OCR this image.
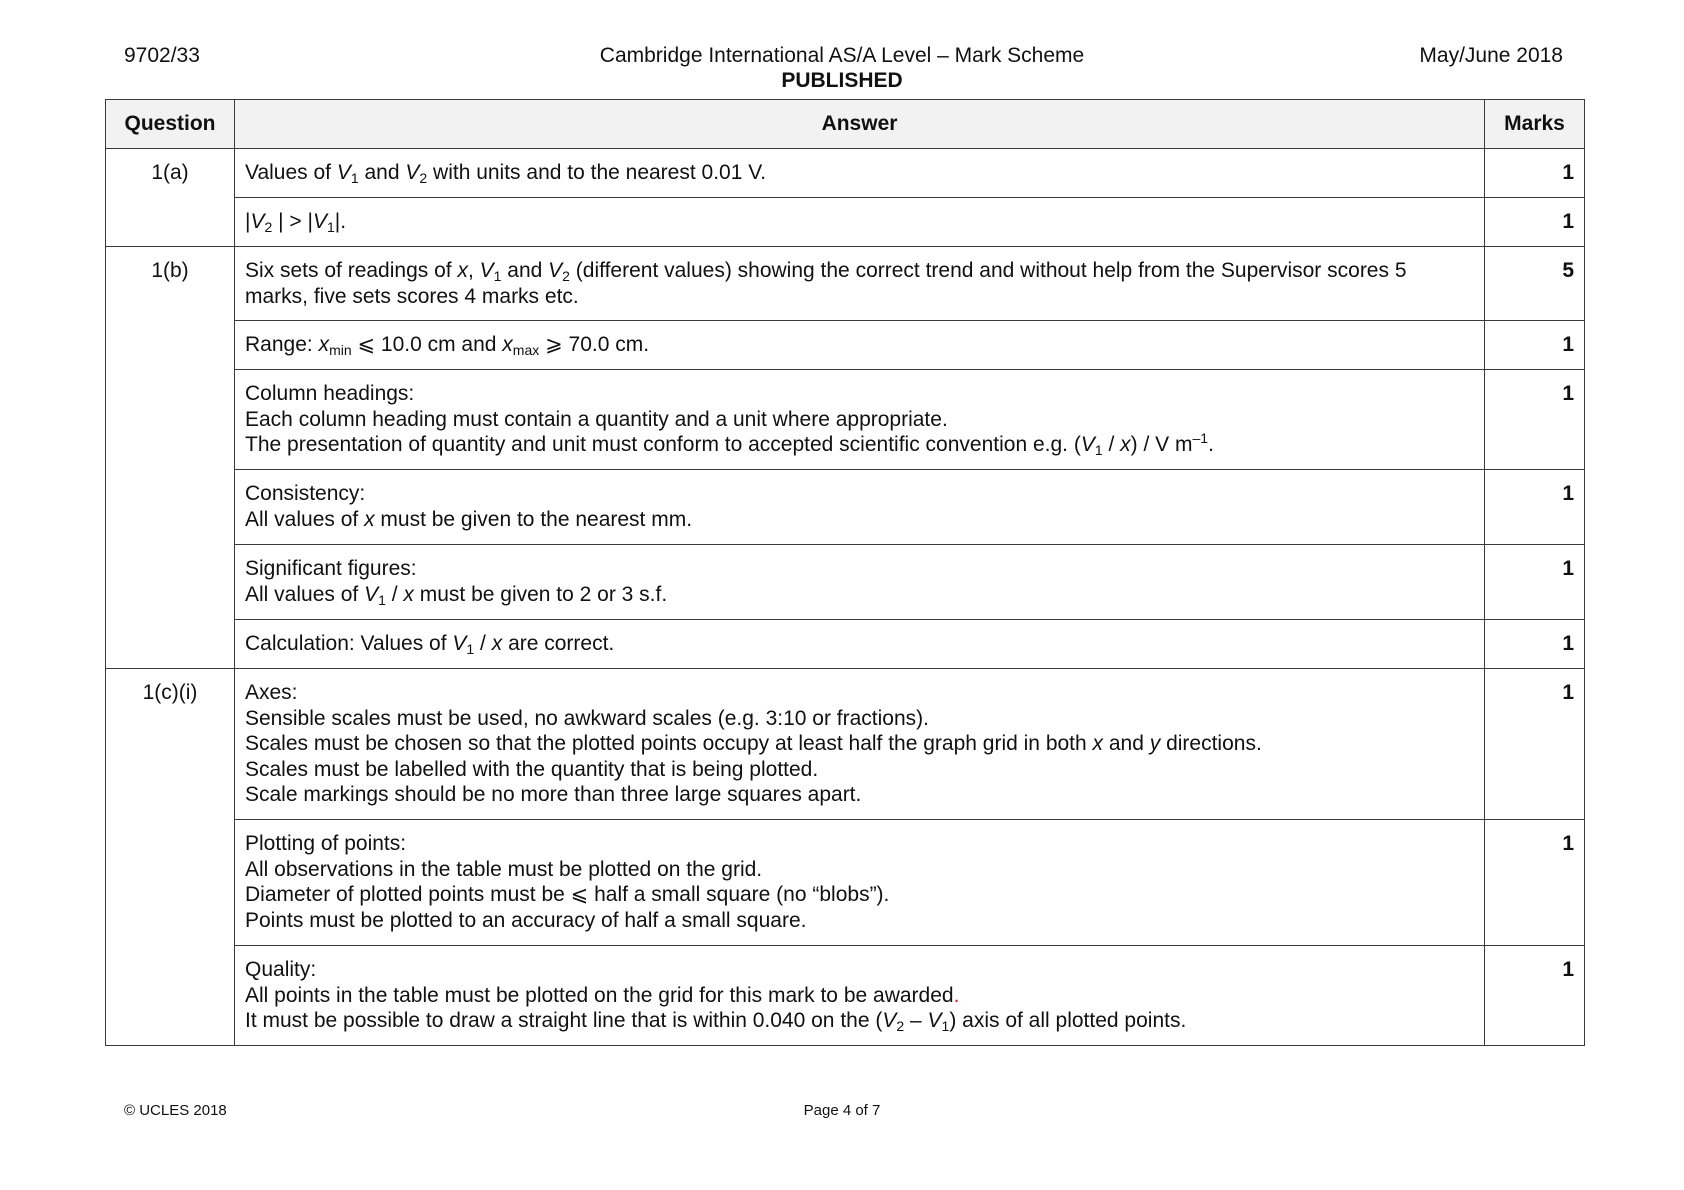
9702/33	Cambridge International AS/A Level – Mark Scheme	May/June 2018
PUBLISHED
Question	Answer	Marks
1(a)	Values of $V_1$ and $V_2$ with units and to the nearest 0.01 V.	1
	$|V_2$ | > $|V_1|$.	1
1(b)	Six sets of readings of x, $V_1$ and $V_2$ (different values) showing the correct trend and without help from the Supervisor scores 5 marks, five sets scores 4 marks etc.	5
	Range: $x_{min}$ ⩽ 10.0 cm and $x_{max}$ ⩾ 70.0 cm.	1

	Column headings:
Each column heading must contain a quantity and a unit where appropriate.
The presentation of quantity and unit must conform to accepted scientific convention e.g. $(V_1 / x)$ / V $m^{-1}$.	1

	Consistency:
All values of x must be given to the nearest mm.	1

	Significant figures:
All values of $V_1$ / x must be given to 2 or 3 s.f.	1
	Calculation: Values of $V_1$ / x are correct.	1
1(c)(i)	Axes:
Sensible scales must be used, no awkward scales (e.g. 3:10 or fractions).
Scales must be chosen so that the plotted points occupy at least half the graph grid in both x and y directions.
Scales must be labelled with the quantity that is being plotted.
Scale markings should be no more than three large squares apart.	1

	Plotting of points:
All observations in the table must be plotted on the grid.
Diameter of plotted points must be ⩽ half a small square (no “blobs”).
Points must be plotted to an accuracy of half a small square.	1

	Quality:
All points in the table must be plotted on the grid for this mark to be awarded.
It must be possible to draw a straight line that is within 0.040 on the $(V_2 - V_1)$ axis of all plotted points.	1
© UCLES 2018	Page 4 of 7
